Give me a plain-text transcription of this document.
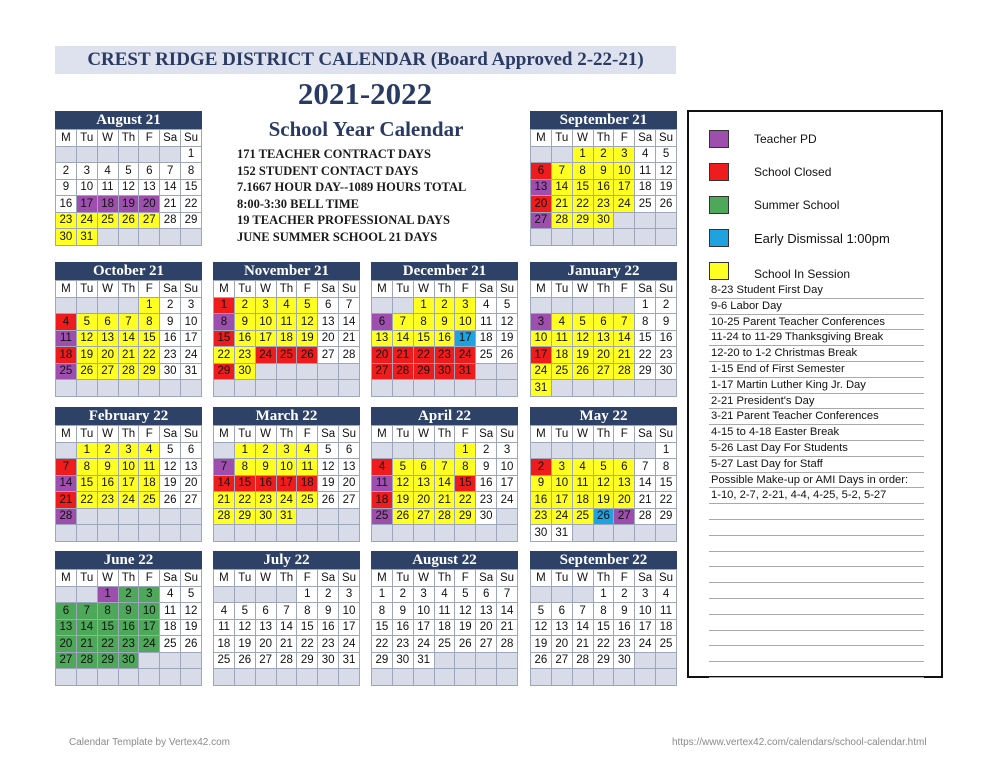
CREST RIDGE DISTRICT CALENDAR (Board Approved 2-22-21)
2021-2022
School Year Calendar
171 TEACHER CONTRACT DAYS
152 STUDENT CONTACT DAYS
7.1667 HOUR DAY--1089 HOURS TOTAL
8:00-3:30 BELL TIME
19 TEACHER PROFESSIONAL DAYS
JUNE SUMMER SCHOOL 21 DAYS
August 21
M	Tu	W	Th	F	Sa	Su
						1
2	3	4	5	6	7	8
9	10	11	12	13	14	15
16	17	18	19	20	21	22
23	24	25	26	27	28	29
30	31					
September 21
M	Tu	W	Th	F	Sa	Su
		1	2	3	4	5
6	7	8	9	10	11	12
13	14	15	16	17	18	19
20	21	22	23	24	25	26
27	28	29	30			

October 21
M	Tu	W	Th	F	Sa	Su
				1	2	3
4	5	6	7	8	9	10
11	12	13	14	15	16	17
18	19	20	21	22	23	24
25	26	27	28	29	30	31

November 21
M	Tu	W	Th	F	Sa	Su
1	2	3	4	5	6	7
8	9	10	11	12	13	14
15	16	17	18	19	20	21
22	23	24	25	26	27	28
29	30					

December 21
M	Tu	W	Th	F	Sa	Su
		1	2	3	4	5
6	7	8	9	10	11	12
13	14	15	16	17	18	19
20	21	22	23	24	25	26
27	28	29	30	31		

January 22
M	Tu	W	Th	F	Sa	Su
					1	2
3	4	5	6	7	8	9
10	11	12	13	14	15	16
17	18	19	20	21	22	23
24	25	26	27	28	29	30
31						
February 22
M	Tu	W	Th	F	Sa	Su
	1	2	3	4	5	6
7	8	9	10	11	12	13
14	15	16	17	18	19	20
21	22	23	24	25	26	27
28						

March 22
M	Tu	W	Th	F	Sa	Su
	1	2	3	4	5	6
7	8	9	10	11	12	13
14	15	16	17	18	19	20
21	22	23	24	25	26	27
28	29	30	31			

April 22
M	Tu	W	Th	F	Sa	Su
				1	2	3
4	5	6	7	8	9	10
11	12	13	14	15	16	17
18	19	20	21	22	23	24
25	26	27	28	29	30	

May 22
M	Tu	W	Th	F	Sa	Su
						1
2	3	4	5	6	7	8
9	10	11	12	13	14	15
16	17	18	19	20	21	22
23	24	25	26	27	28	29
30	31					
June 22
M	Tu	W	Th	F	Sa	Su
		1	2	3	4	5
6	7	8	9	10	11	12
13	14	15	16	17	18	19
20	21	22	23	24	25	26
27	28	29	30			

July 22
M	Tu	W	Th	F	Sa	Su
				1	2	3
4	5	6	7	8	9	10
11	12	13	14	15	16	17
18	19	20	21	22	23	24
25	26	27	28	29	30	31

August 22
M	Tu	W	Th	F	Sa	Su
1	2	3	4	5	6	7
8	9	10	11	12	13	14
15	16	17	18	19	20	21
22	23	24	25	26	27	28
29	30	31				

September 22
M	Tu	W	Th	F	Sa	Su
			1	2	3	4
5	6	7	8	9	10	11
12	13	14	15	16	17	18
19	20	21	22	23	24	25
26	27	28	29	30		

Teacher PD
School Closed
Summer School
Early Dismissal 1:00pm
School In Session
8-23 Student First Day
9-6 Labor Day
10-25 Parent Teacher Conferences
11-24 to 11-29 Thanksgiving Break
12-20 to 1-2 Christmas Break
1-15 End of First Semester
1-17 Martin Luther King Jr. Day
2-21 President's Day
3-21 Parent Teacher Conferences
4-15 to 4-18 Easter Break
5-26 Last Day For Students
5-27 Last Day for Staff
Possible Make-up or AMI Days in order:
1-10, 2-7, 2-21, 4-4, 4-25, 5-2, 5-27
Calendar Template by Vertex42.com	https://www.vertex42.com/calendars/school-calendar.html
